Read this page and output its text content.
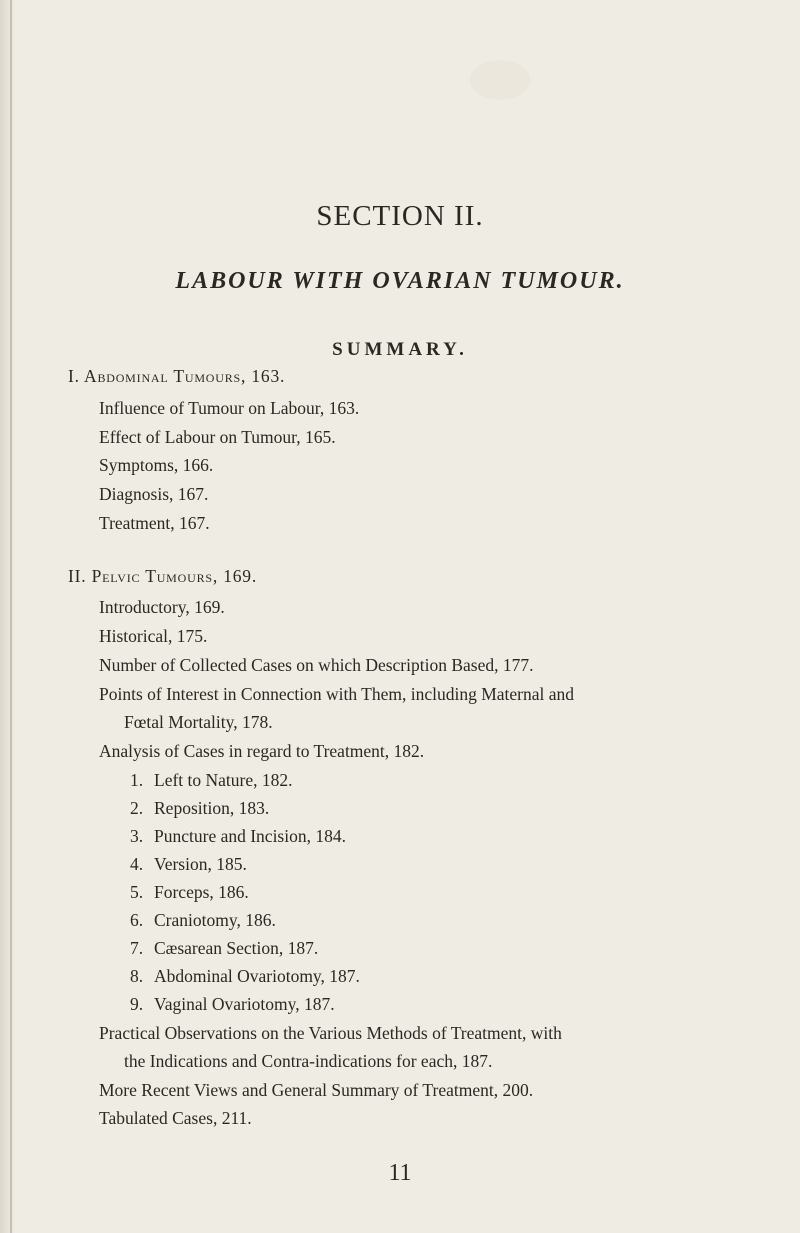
SECTION II.
LABOUR WITH OVARIAN TUMOUR.
SUMMARY.
I. Abdominal Tumours, 163.
Influence of Tumour on Labour, 163.
Effect of Labour on Tumour, 165.
Symptoms, 166.
Diagnosis, 167.
Treatment, 167.
II. Pelvic Tumours, 169.
Introductory, 169.
Historical, 175.
Number of Collected Cases on which Description Based, 177.
Points of Interest in Connection with Them, including Maternal and
Fœtal Mortality, 178.
Analysis of Cases in regard to Treatment, 182.
1. Left to Nature, 182.
2. Reposition, 183.
3. Puncture and Incision, 184.
4. Version, 185.
5. Forceps, 186.
6. Craniotomy, 186.
7. Cæsarean Section, 187.
8. Abdominal Ovariotomy, 187.
9. Vaginal Ovariotomy, 187.
Practical Observations on the Various Methods of Treatment, with
the Indications and Contra-indications for each, 187.
More Recent Views and General Summary of Treatment, 200.
Tabulated Cases, 211.
11
